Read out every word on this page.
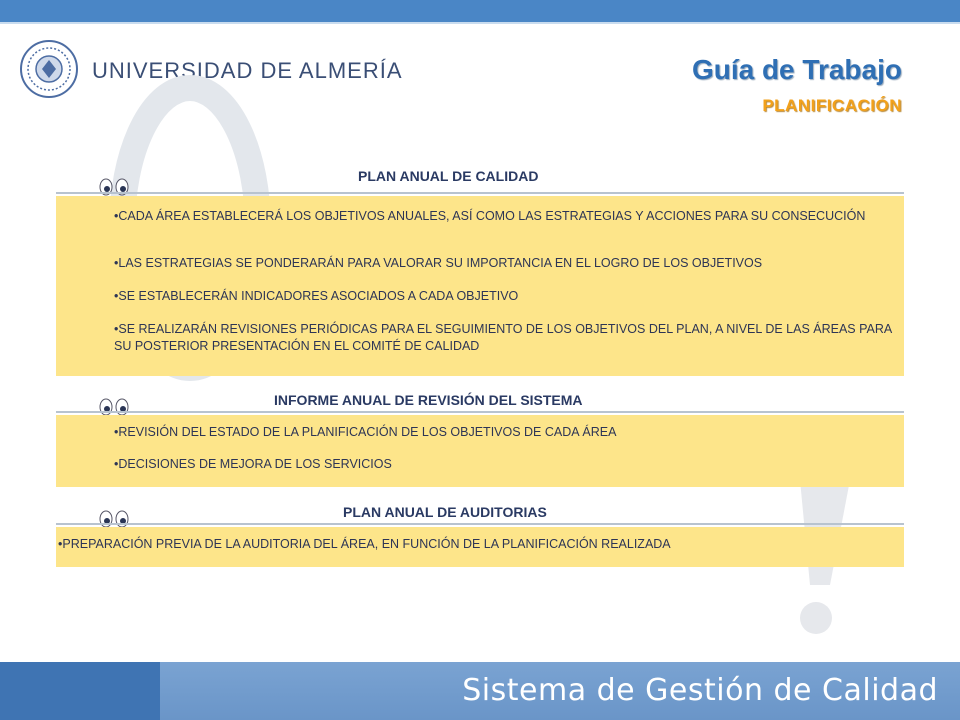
UNIVERSIDAD DE ALMERÍA	Guía de Trabajo
PLANIFICACIÓN
PLAN ANUAL DE CALIDAD
•CADA ÁREA ESTABLECERÁ LOS OBJETIVOS ANUALES, ASÍ COMO LAS ESTRATEGIAS Y ACCIONES PARA SU CONSECUCIÓN
•LAS ESTRATEGIAS SE PONDERARÁN PARA VALORAR SU IMPORTANCIA EN EL LOGRO DE LOS OBJETIVOS
•SE ESTABLECERÁN INDICADORES ASOCIADOS A CADA OBJETIVO
•SE REALIZARÁN REVISIONES PERIÓDICAS PARA EL SEGUIMIENTO DE LOS OBJETIVOS DEL PLAN, A NIVEL DE LAS ÁREAS PARA SU POSTERIOR PRESENTACIÓN EN EL COMITÉ DE CALIDAD
INFORME ANUAL DE REVISIÓN DEL SISTEMA
•REVISIÓN DEL ESTADO DE LA PLANIFICACIÓN DE LOS OBJETIVOS DE CADA ÁREA
•DECISIONES DE MEJORA DE LOS SERVICIOS
PLAN ANUAL DE AUDITORIAS
•PREPARACIÓN PREVIA DE LA AUDITORIA DEL ÁREA, EN FUNCIÓN DE LA PLANIFICACIÓN REALIZADA
Sistema de Gestión de Calidad
